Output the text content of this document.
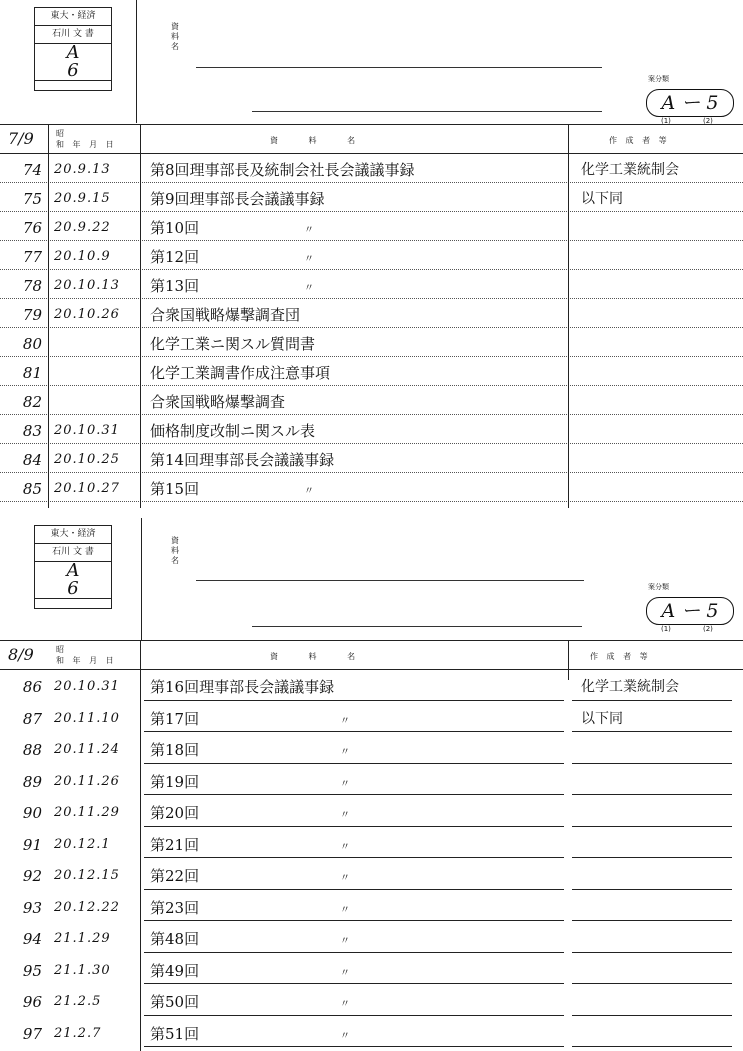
東大・経済
石川 文 書
A
6
資
料
名
案分類
A ー 5
(1)	(2)
7/9	昭
和 年 月 日	資 料 名	作 成 者 等
74 20.9.13	第8回理事部長及統制会社長会議議事録	化学工業統制会
75 20.9.15	第9回理事部長会議議事録	以下同
76 20.9.22	第10回	〃
77 20.10.9	第12回	〃
78 20.10.13 第13回	〃
79 20.10.26 合衆国戦略爆撃調査団
80	化学工業ニ関スル質問書
81	化学工業調書作成注意事項
82	合衆国戦略爆撃調査
83 20.10.31 価格制度改制ニ関スル表
84 20.10.25 第14回理事部長会議議事録
85 20.10.27 第15回	〃
東大・経済
石川 文 書
A
6
資
料
名
案分類
A ー 5
(1)	(2)
8/9	昭
和 年 月 日	資 料 名	作 成 者 等
86 20.10.31 第16回理事部長会議議事録	化学工業統制会
87 20.11.10 第17回	〃	以下同
88 20.11.24 第18回	〃
89 20.11.26 第19回	〃
90 20.11.29 第20回	〃
91 20.12.1	第21回	〃
92 20.12.15 第22回	〃
93 20.12.22 第23回	〃
94 21.1.29	第48回	〃
95 21.1.30	第49回	〃
96 21.2.5	第50回	〃
97 21.2.7	第51回	〃
